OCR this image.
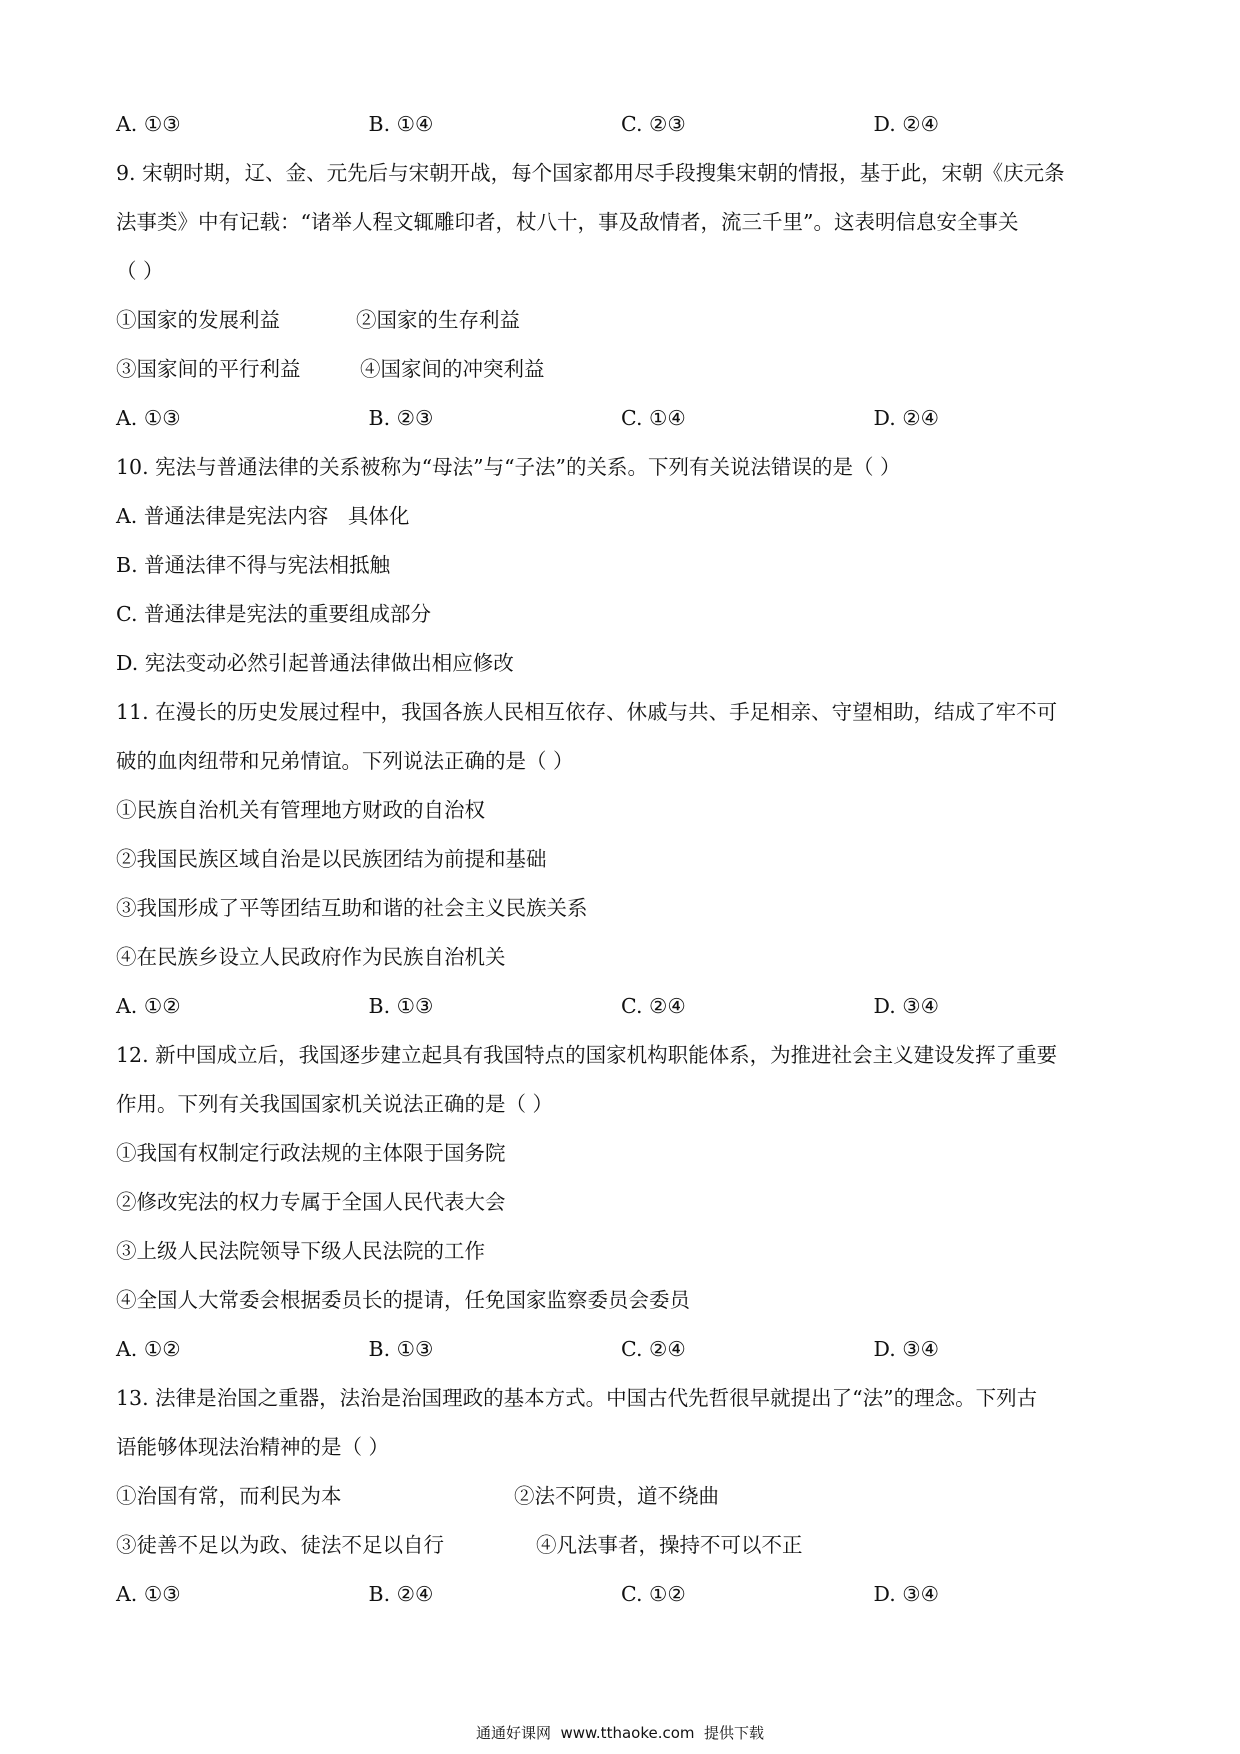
A. ①③	B. ①④	C. ②③	D. ②④
9. 宋朝时期，辽、金、元先后与宋朝开战，每个国家都用尽手段搜集宋朝的情报，基于此，宋朝《庆元条
法事类》中有记载：“诸举人程文辄雕印者，杖八十，事及敌情者，流三千里”。这表明信息安全事关
（ ）
①国家的发展利益	②国家的生存利益
③国家间的平行利益	④国家间的冲突利益
A. ①③	B. ②③	C. ①④	D. ②④
10. 宪法与普通法律的关系被称为“母法”与“子法”的关系。下列有关说法错误的是（ ）
A. 普通法律是宪法内容   具体化
B. 普通法律不得与宪法相抵触
C. 普通法律是宪法的重要组成部分
D. 宪法变动必然引起普通法律做出相应修改
11. 在漫长的历史发展过程中，我国各族人民相互依存、休戚与共、手足相亲、守望相助，结成了牢不可
破的血肉纽带和兄弟情谊。下列说法正确的是（ ）
①民族自治机关有管理地方财政的自治权
②我国民族区域自治是以民族团结为前提和基础
③我国形成了平等团结互助和谐的社会主义民族关系
④在民族乡设立人民政府作为民族自治机关
A. ①②	B. ①③	C. ②④	D. ③④
12. 新中国成立后，我国逐步建立起具有我国特点的国家机构职能体系，为推进社会主义建设发挥了重要
作用。下列有关我国国家机关说法正确的是（ ）
①我国有权制定行政法规的主体限于国务院
②修改宪法的权力专属于全国人民代表大会
③上级人民法院领导下级人民法院的工作
④全国人大常委会根据委员长的提请，任免国家监察委员会委员
A. ①②	B. ①③	C. ②④	D. ③④
13. 法律是治国之重器，法治是治国理政的基本方式。中国古代先哲很早就提出了“法”的理念。下列古
语能够体现法治精神的是（ ）
①治国有常，而利民为本	②法不阿贵，道不绕曲
③徒善不足以为政、徒法不足以自行	④凡法事者，操持不可以不正
A. ①③	B. ②④	C. ①②	D. ③④
通通好课网  www.tthaoke.com  提供下载
